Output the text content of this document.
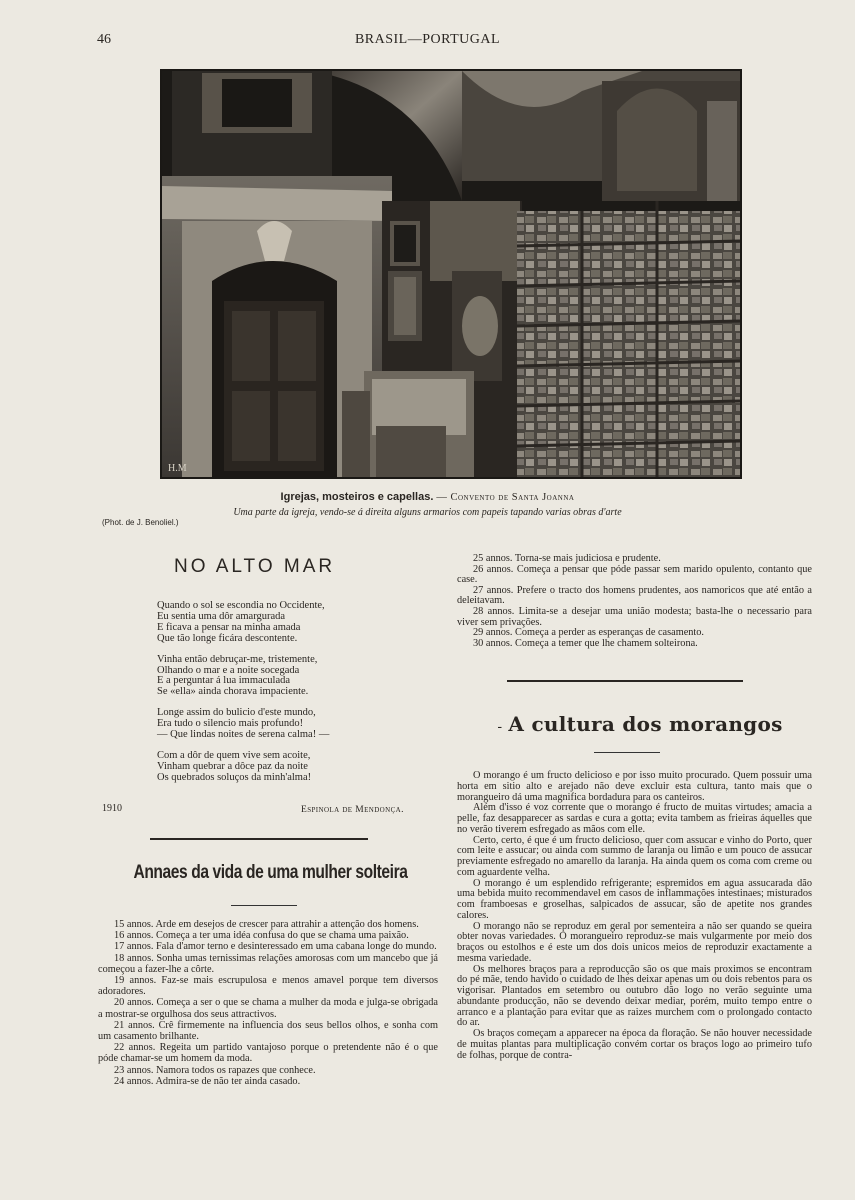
46	BRASIL—PORTUGAL
H.M
Igrejas, mosteiros e capellas. — Convento de Santa Joanna
Uma parte da igreja, vendo-se á direita alguns armarios com papeis tapando varias obras d'arte
(Phot. de J. Benoliel.)
NO ALTO MAR
Quando o sol se escondia no Occidente,
Eu sentia uma dôr amargurada
E ficava a pensar na minha amada
Que tão longe ficára descontente.
Vinha então debruçar-me, tristemente,
Olhando o mar e a noite socegada
E a perguntar á lua immaculada
Se «ella» ainda chorava impaciente.
Longe assim do bulicio d'este mundo,
Era tudo o silencio mais profundo!
— Que lindas noites de serena calma! —
Com a dôr de quem vive sem acoite,
Vinham quebrar a dôce paz da noite
Os quebrados soluços da minh'alma!
1910	Espinola de Mendonça.
Annaes da vida de uma mulher solteira

15 annos. Arde em desejos de crescer para attrahir a attenção dos homens.

16 annos. Começa a ter uma idéa confusa do que se chama uma paixão.

17 annos. Fala d'amor terno e desinteressado em uma cabana longe do mundo.

18 annos. Sonha umas ternissimas relações amorosas com um mancebo que já começou a fazer-lhe a côrte.

19 annos. Faz-se mais escrupulosa e menos amavel porque tem diversos adoradores.

20 annos. Começa a ser o que se chama a mulher da moda e julga-se obrigada a mostrar-se orgulhosa dos seus attractivos.

21 annos. Crê firmemente na influencia dos seus bellos olhos, e sonha com um casamento brilhante.

22 annos. Regeita um partido vantajoso porque o pretendente não é o que póde chamar-se um homem da moda.

23 annos. Namora todos os rapazes que conhece.

24 annos. Admira-se de não ter ainda casado.

25 annos. Torna-se mais judiciosa e prudente.

26 annos. Começa a pensar que póde passar sem marido opulento, contanto que case.

27 annos. Prefere o tracto dos homens prudentes, aos namoricos que até então a deleitavam.

28 annos. Limita-se a desejar uma união modesta; basta-lhe o necessario para viver sem privações.

29 annos. Começa a perder as esperanças de casamento.

30 annos. Começa a temer que lhe chamem solteirona.

- A cultura dos morangos

O morango é um fructo delicioso e por isso muito procurado. Quem possuir uma horta em sitio alto e arejado não deve excluir esta cultura, tanto mais que o morangueiro dá uma magnifica bordadura para os canteiros.

Além d'isso é voz corrente que o morango é fructo de muitas virtudes; amacia a pelle, faz desapparecer as sardas e cura a gotta; evita tambem as frieiras áquelles que no verão tiverem esfregado as mãos com elle.

Certo, certo, é que é um fructo delicioso, quer com assucar e vinho do Porto, quer com leite e assucar; ou ainda com summo de laranja ou limão e um pouco de assucar previamente esfregado no amarello da laranja. Ha ainda quem os coma com creme ou com aguardente velha.

O morango é um esplendido refrigerante; espremidos em agua assucarada dão uma bebida muito recommendavel em casos de inflammações intestinaes; misturados com framboesas e groselhas, salpicados de assucar, são de apetite nos grandes calores.

O morango não se reproduz em geral por sementeira a não ser quando se queira obter novas variedades. O morangueiro reproduz-se mais vulgarmente por meio dos braços ou estolhos e é este um dos dois unicos meios de reproduzir exactamente a mesma variedade.

Os melhores braços para a reproducção são os que mais proximos se encontram do pé mãe, tendo havido o cuidado de lhes deixar apenas um ou dois rebentos para os vigorisar. Plantados em setembro ou outubro dão logo no verão seguinte uma abundante producção, não se devendo deixar mediar, porém, muito tempo entre o arranco e a plantação para evitar que as raizes murchem com o prolongado contacto do ar.

Os braços começam a apparecer na época da floração. Se não houver necessidade de muitas plantas para multiplicação convém cortar os braços logo ao primeiro tufo de folhas, porque de contra-
